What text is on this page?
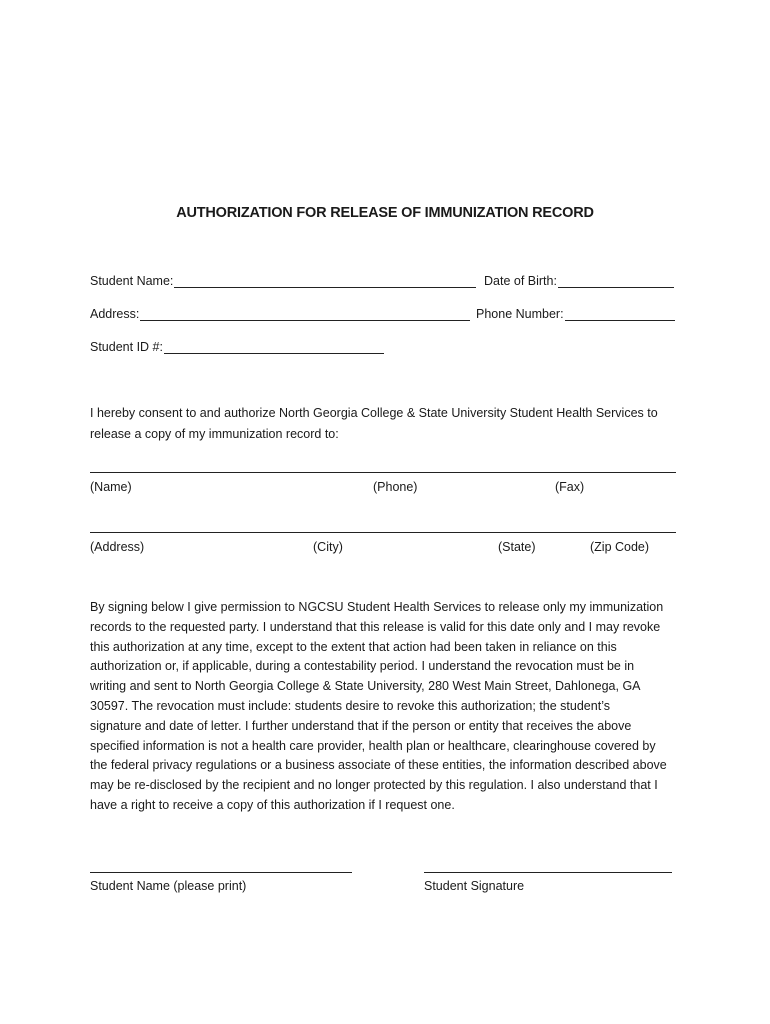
AUTHORIZATION FOR RELEASE OF IMMUNIZATION RECORD
Student Name:	Date of Birth:
Address:	Phone Number:
Student ID #:
I hereby consent to and authorize North Georgia College & State University Student Health Services to
release a copy of my immunization record to:
(Name)	(Phone)	(Fax)
(Address)	(City)	(State)	(Zip Code)
By signing below I give permission to NGCSU Student Health Services to release only my immunization
records to the requested party. I understand that this release is valid for this date only and I may revoke
this authorization at any time, except to the extent that action had been taken in reliance on this
authorization or, if applicable, during a contestability period. I understand the revocation must be in
writing and sent to North Georgia College & State University, 280 West Main Street, Dahlonega, GA
30597. The revocation must include: students desire to revoke this authorization; the student’s
signature and date of letter. I further understand that if the person or entity that receives the above
specified information is not a health care provider, health plan or healthcare, clearinghouse covered by
the federal privacy regulations or a business associate of these entities, the information described above
may be re-disclosed by the recipient and no longer protected by this regulation. I also understand that I
have a right to receive a copy of this authorization if I request one.
Student Name (please print)	Student Signature
